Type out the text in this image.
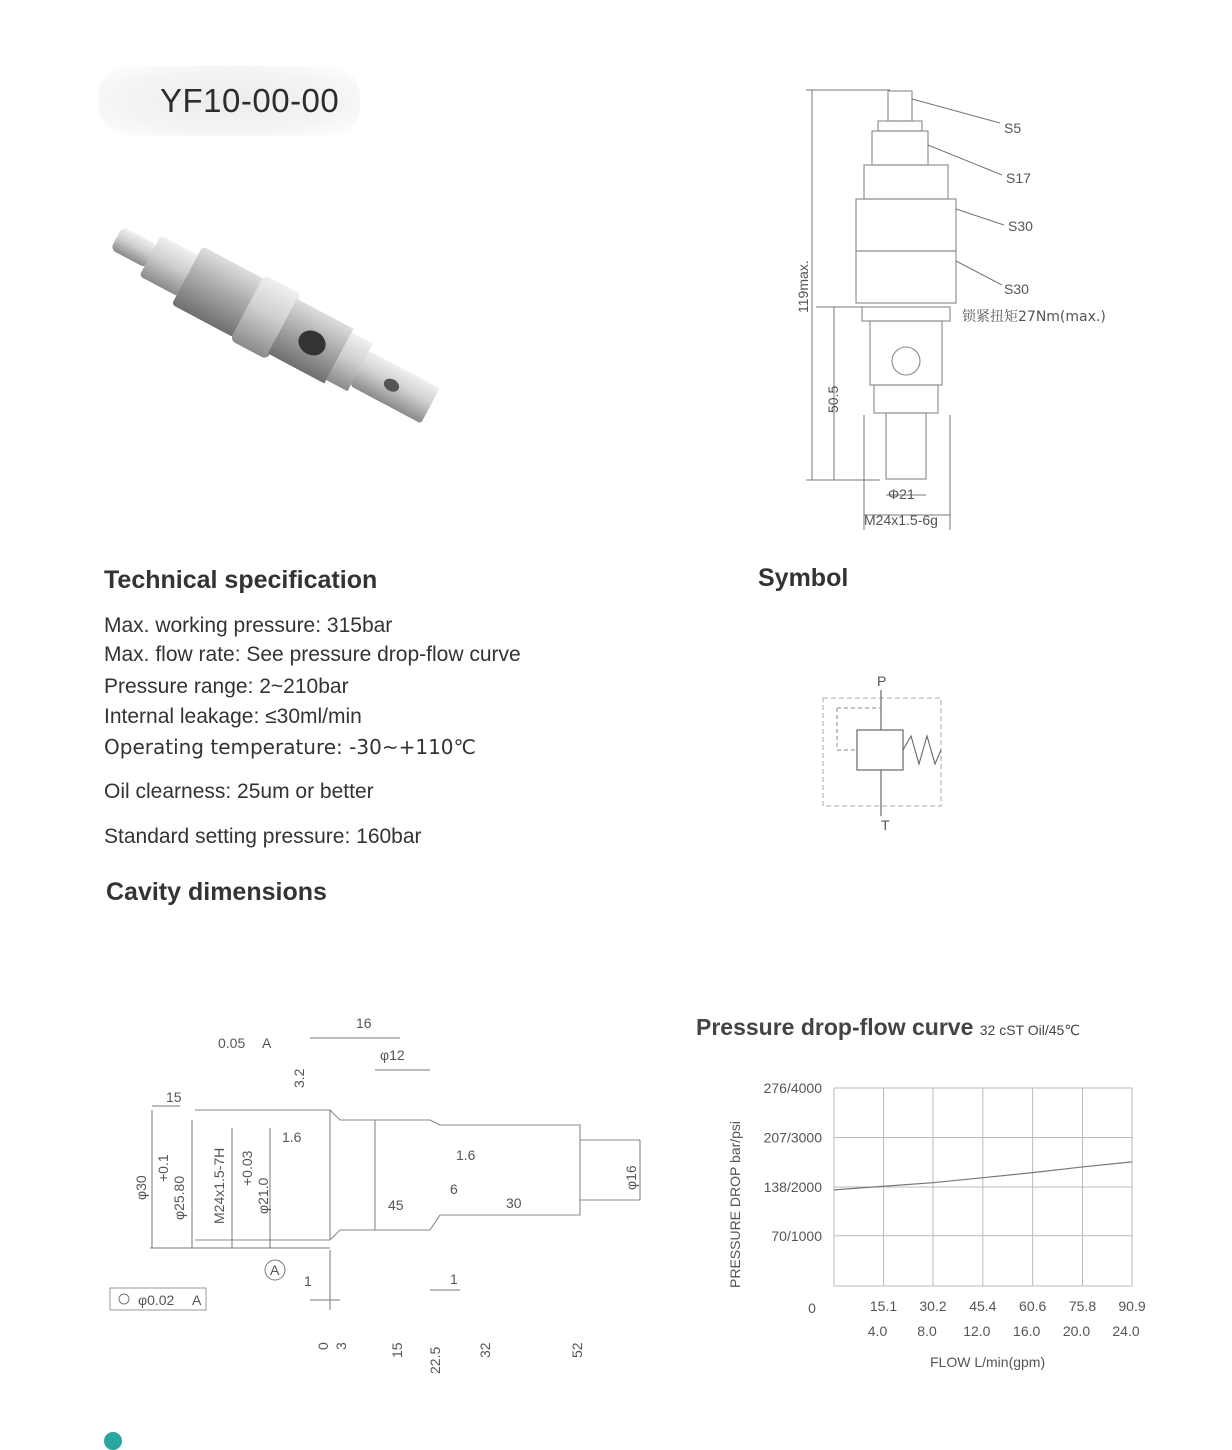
YF10-00-00
119max.
50.5
S5
S17
S30
S30
锁紧扭矩27Nm(max.)
Φ21
M24x1.5-6g
Technical specification
Max. working pressure: 315bar
Max. flow rate: See pressure drop-flow curve
Pressure range: 2~210bar
Internal leakage: ≤30ml/min
Operating temperature: -30~+110℃
Oil clearness: 25um or better
Standard setting pressure: 160bar
Symbol
P
T
Cavity dimensions
0.05 A
16
φ12
3.2
15
1.6
1.6
φ30
+0.1
φ25.80 M24x1.5-7H +0.03
φ21.0	45
6
30
φ16
A
1	1
φ0.02 A
0 3	15 22.5 32	52
Pressure drop-flow curve 32 cST Oil/45℃
276/4000
207/3000
138/2000
70/1000
0	15.1
4.0
30.2
8.0
45.4
12.0
60.6
16.0
75.8
20.0
90.9
24.0
PRESSURE DROP bar/psi
FLOW L/min(gpm)
